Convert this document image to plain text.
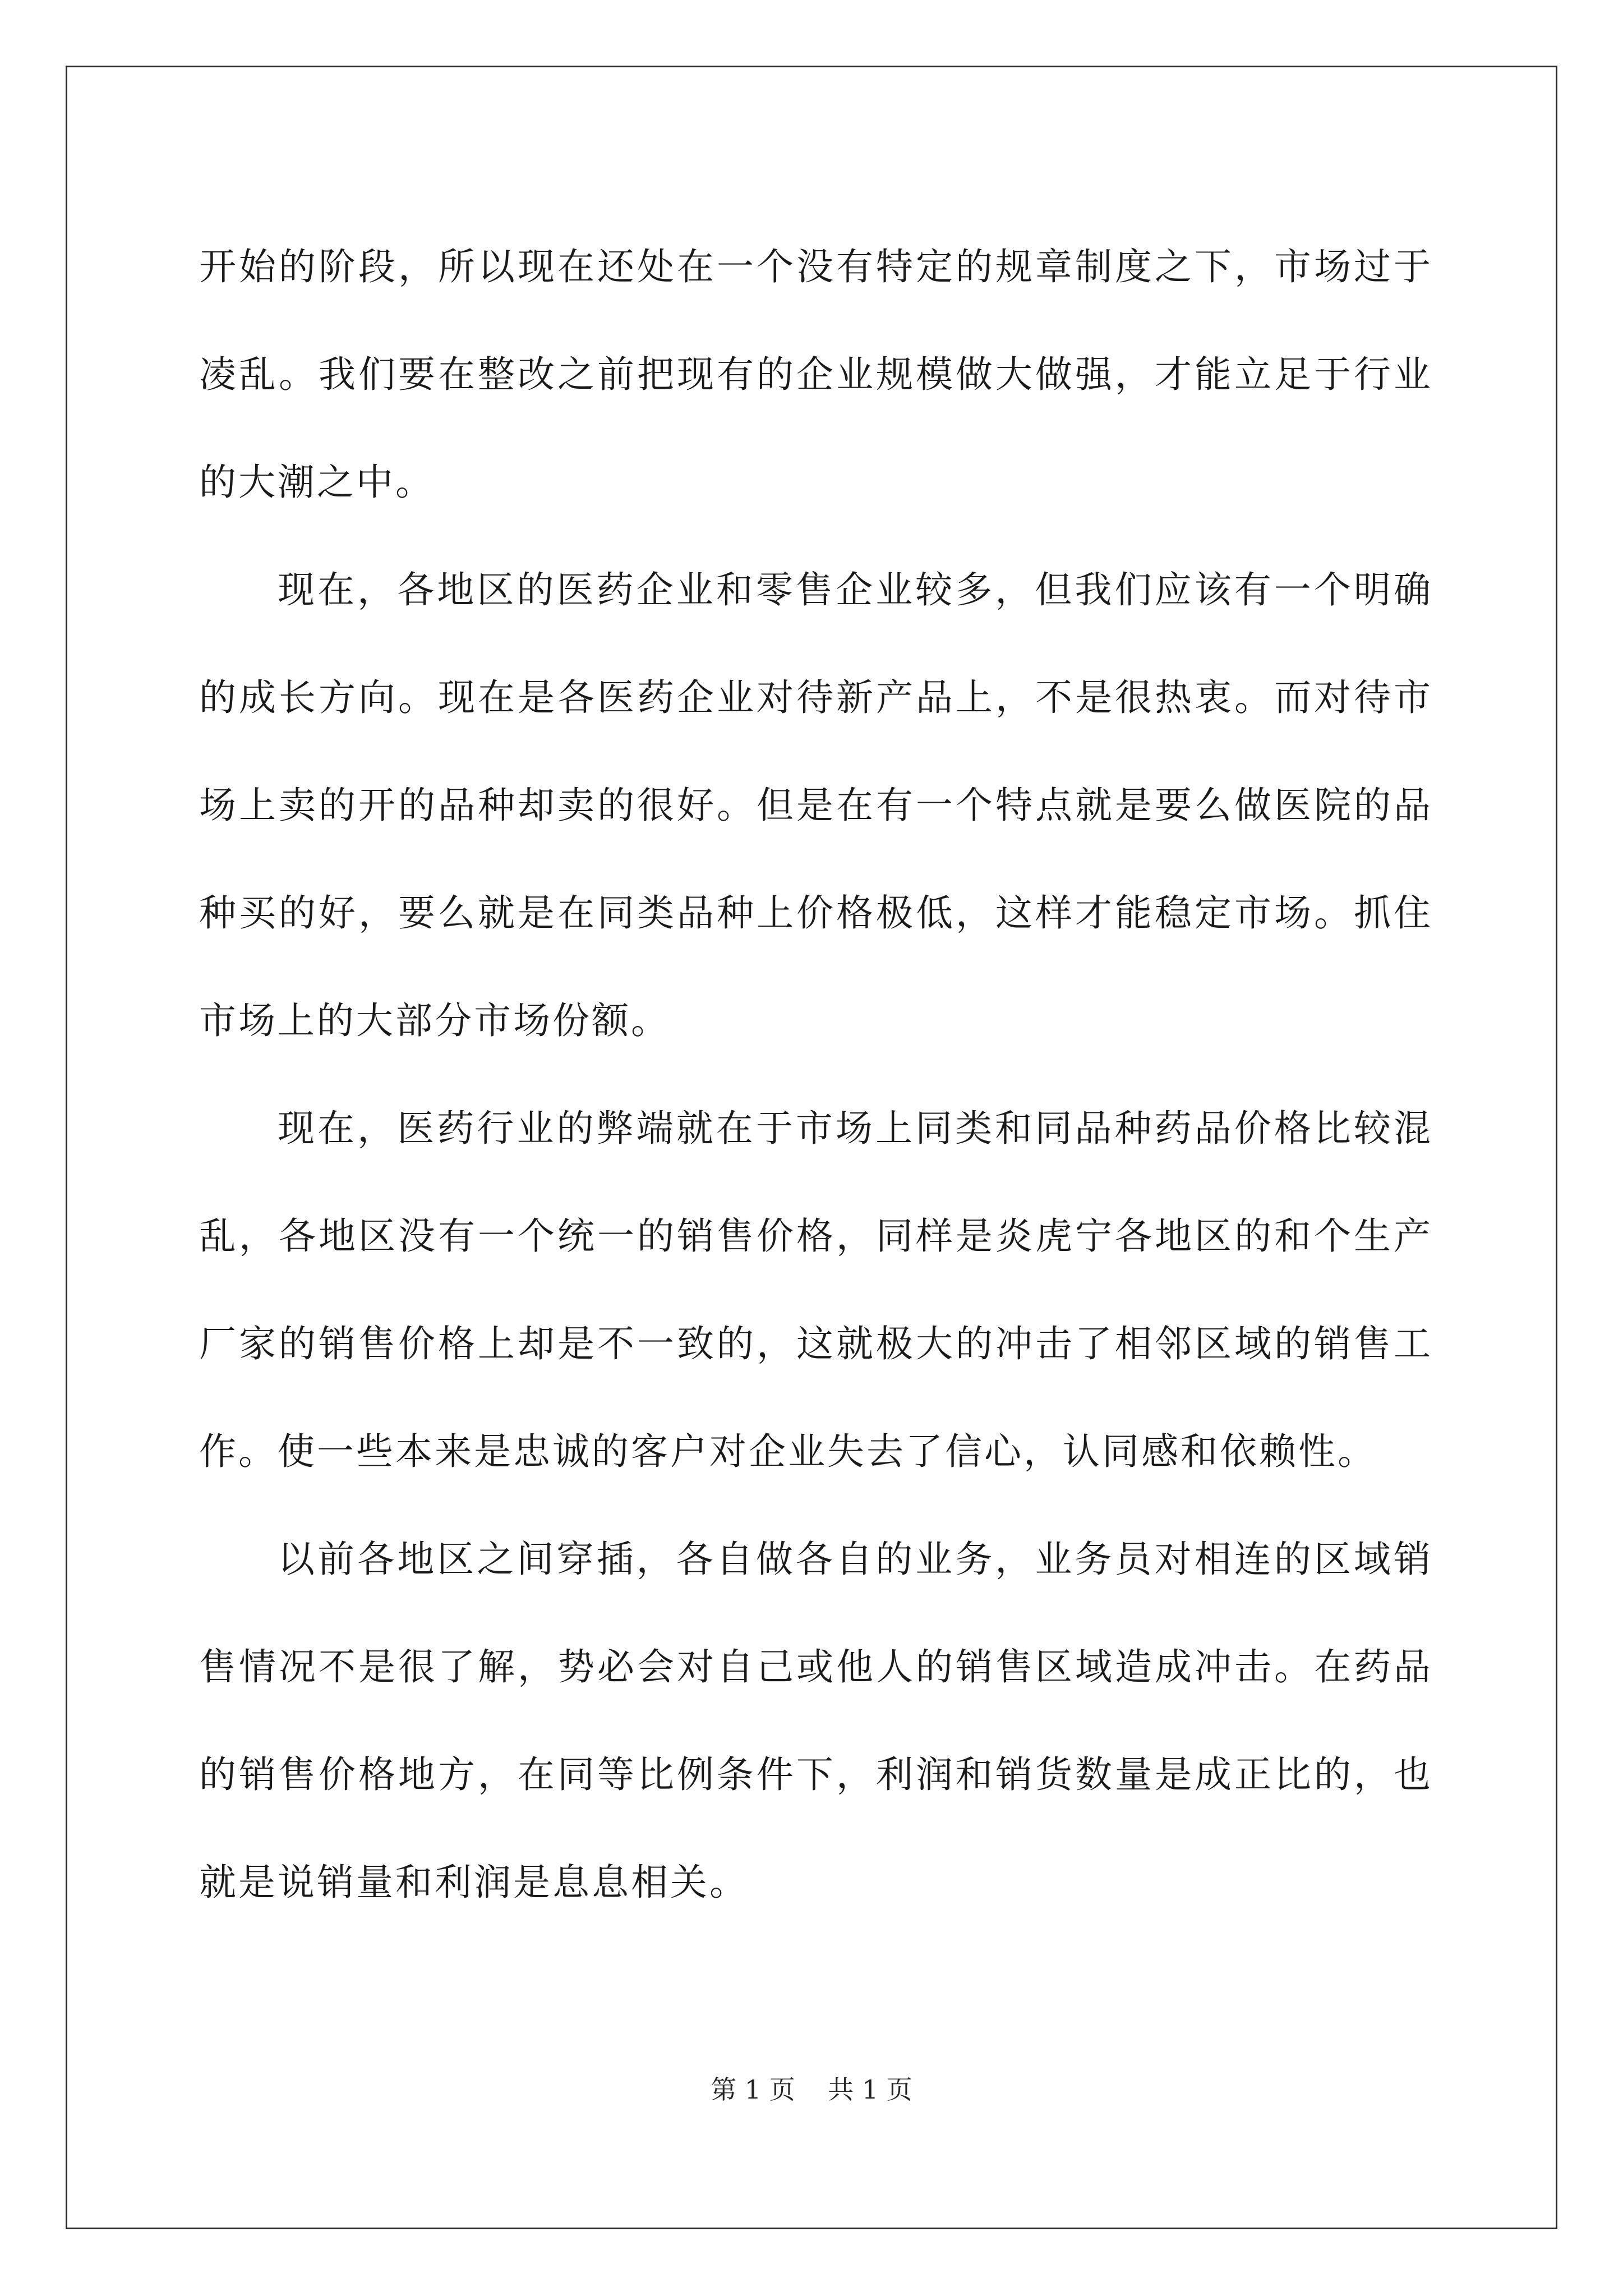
开始的阶段，所以现在还处在一个没有特定的规章制度之下，市场过于凌乱。我们要在整改之前把现有的企业规模做大做强，才能立足于行业的大潮之中。

现在，各地区的医药企业和零售企业较多，但我们应该有一个明确的成长方向。现在是各医药企业对待新产品上，不是很热衷。而对待市场上卖的开的品种却卖的很好。但是在有一个特点就是要么做医院的品种买的好，要么就是在同类品种上价格极低，这样才能稳定市场。抓住市场上的大部分市场份额。

现在，医药行业的弊端就在于市场上同类和同品种药品价格比较混乱，各地区没有一个统一的销售价格，同样是炎虎宁各地区的和个生产厂家的销售价格上却是不一致的，这就极大的冲击了相邻区域的销售工作。使一些本来是忠诚的客户对企业失去了信心，认同感和依赖性。

以前各地区之间穿插，各自做各自的业务，业务员对相连的区域销售情况不是很了解，势必会对自己或他人的销售区域造成冲击。在药品的销售价格地方，在同等比例条件下，利润和销货数量是成正比的，也就是说销量和利润是息息相关。

第 1 页    共 1 页
